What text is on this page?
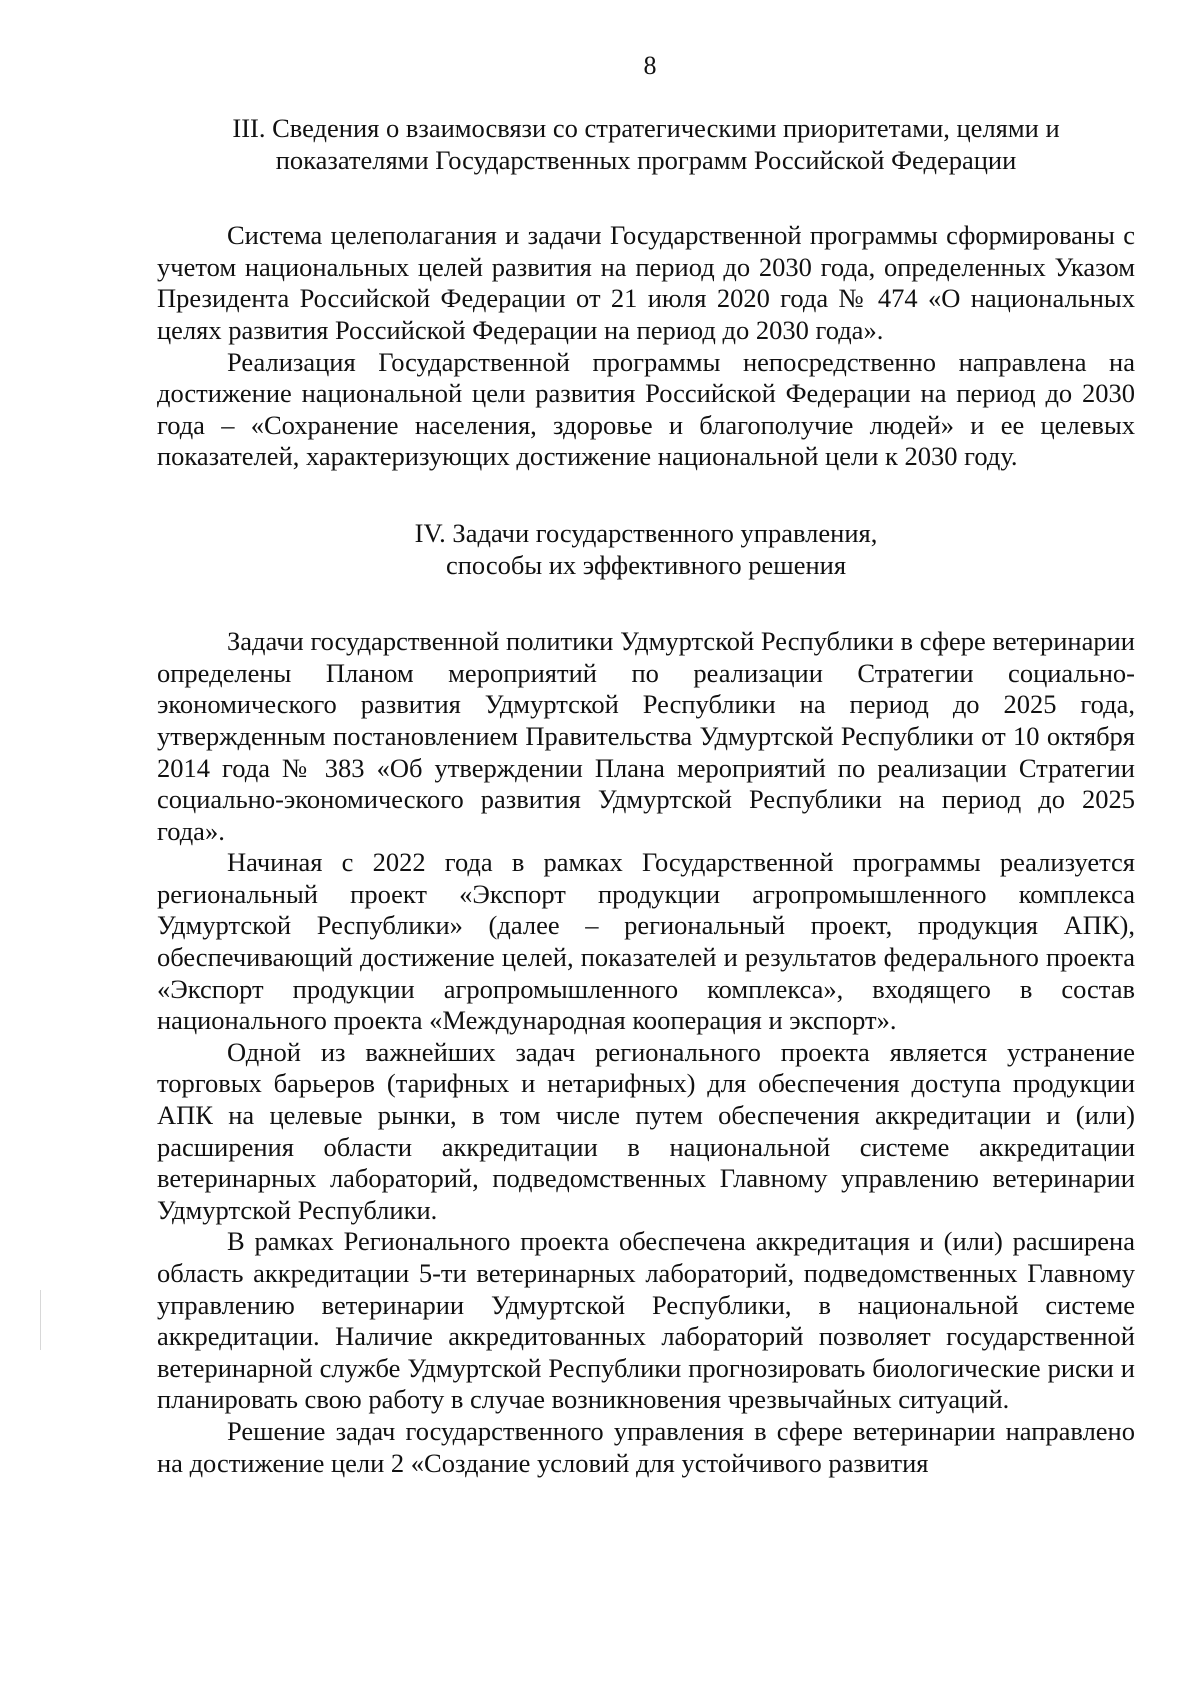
8

III. Сведения о взаимосвязи со стратегическими приоритетами, целями и показателями Государственных программ Российской Федерации

Система целеполагания и задачи Государственной программы сформированы с учетом национальных целей развития на период до 2030 года, определенных Указом Президента Российской Федерации от 21 июля 2020 года № 474 «О национальных целях развития Российской Федерации на период до 2030 года».

Реализация Государственной программы непосредственно направлена на достижение национальной цели развития Российской Федерации на период до 2030 года – «Сохранение населения, здоровье и благополучие людей» и ее целевых показателей, характеризующих достижение национальной цели к 2030 году.

IV. Задачи государственного управления,
способы их эффективного решения

Задачи государственной политики Удмуртской Республики в сфере ветеринарии определены Планом мероприятий по реализации Стратегии социально-экономического развития Удмуртской Республики на период до 2025 года, утвержденным постановлением Правительства Удмуртской Республики от 10 октября 2014 года № 383 «Об утверждении Плана мероприятий по реализации Стратегии социально-экономического развития Удмуртской Республики на период до 2025 года».

Начиная с 2022 года в рамках Государственной программы реализуется региональный проект «Экспорт продукции агропромышленного комплекса Удмуртской Республики» (далее – региональный проект, продукция АПК), обеспечивающий достижение целей, показателей и результатов федерального проекта «Экспорт продукции агропромышленного комплекса», входящего в состав национального проекта «Международная кооперация и экспорт».

Одной из важнейших задач регионального проекта является устранение торговых барьеров (тарифных и нетарифных) для обеспечения доступа продукции АПК на целевые рынки, в том числе путем обеспечения аккредитации и (или) расширения области аккредитации в национальной системе аккредитации ветеринарных лабораторий, подведомственных Главному управлению ветеринарии Удмуртской Республики.

В рамках Регионального проекта обеспечена аккредитация и (или) расширена область аккредитации 5-ти ветеринарных лабораторий, подведомственных Главному управлению ветеринарии Удмуртской Республики, в национальной системе аккредитации. Наличие аккредитованных лабораторий позволяет государственной ветеринарной службе Удмуртской Республики прогнозировать биологические риски и планировать свою работу в случае возникновения чрезвычайных ситуаций.

Решение задач государственного управления в сфере ветеринарии направлено на достижение цели 2 «Создание условий для устойчивого развития
